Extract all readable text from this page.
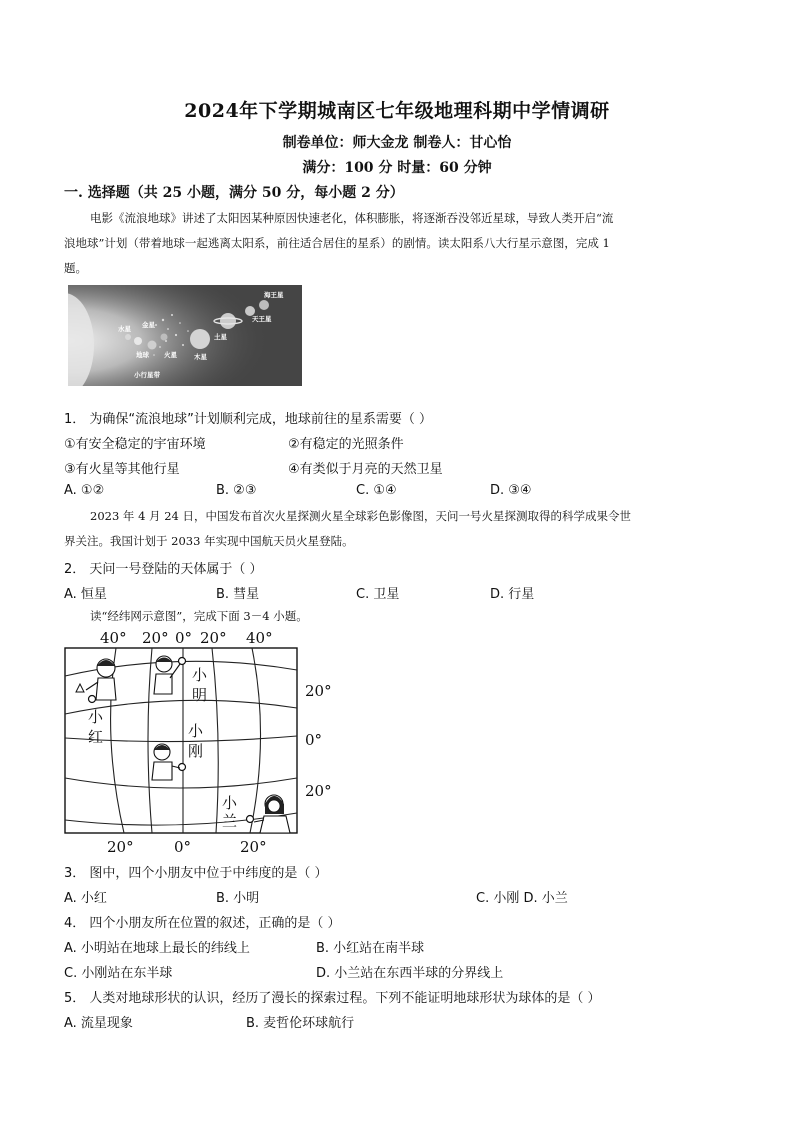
2024年下学期城南区七年级地理科期中学情调研
制卷单位：师大金龙 制卷人：甘心怡
满分：100 分 时量：60 分钟
一. 选择题（共 25 小题，满分 50 分，每小题 2 分）
电影《流浪地球》讲述了太阳因某种原因快速老化，体积膨胀，将逐渐吞没邻近星球，导致人类开启“流
浪地球”计划（带着地球一起逃离太阳系，前往适合居住的星系）的剧情。读太阳系八大行星示意图，完成 1
题。
水星 金星
地球 火星	木星
土星
天王星
海王星
小行星带
1． 为确保“流浪地球”计划顺利完成，地球前往的星系需要（ ）
①有安全稳定的宇宙环境	②有稳定的光照条件
③有火星等其他行星	④有类似于月亮的天然卫星
A. ①②	B. ②③	C. ①④	D. ③④
2023 年 4 月 24 日，中国发布首次火星探测火星全球彩色影像图，天问一号火星探测取得的科学成果令世
界关注。我国计划于 2033 年实现中国航天员火星登陆。
2． 天问一号登陆的天体属于（ ）
A. 恒星	B. 彗星	C. 卫星	D. 行星
读“经纬网示意图”，完成下面 3－4 小题。
40° 20° 0° 20° 40°
20°	0°	20°
20°
0°
20°
小
明
小
红	小
刚
小
兰
3． 图中，四个小朋友中位于中纬度的是（ ）
A. 小红	B. 小明	C. 小刚 D. 小兰
4． 四个小朋友所在位置的叙述，正确的是（ ）
A. 小明站在地球上最长的纬线上	B. 小红站在南半球
C. 小刚站在东半球	D. 小兰站在东西半球的分界线上
5． 人类对地球形状的认识，经历了漫长的探索过程。下列不能证明地球形状为球体的是（ ）
A. 流星现象	B. 麦哲伦环球航行
